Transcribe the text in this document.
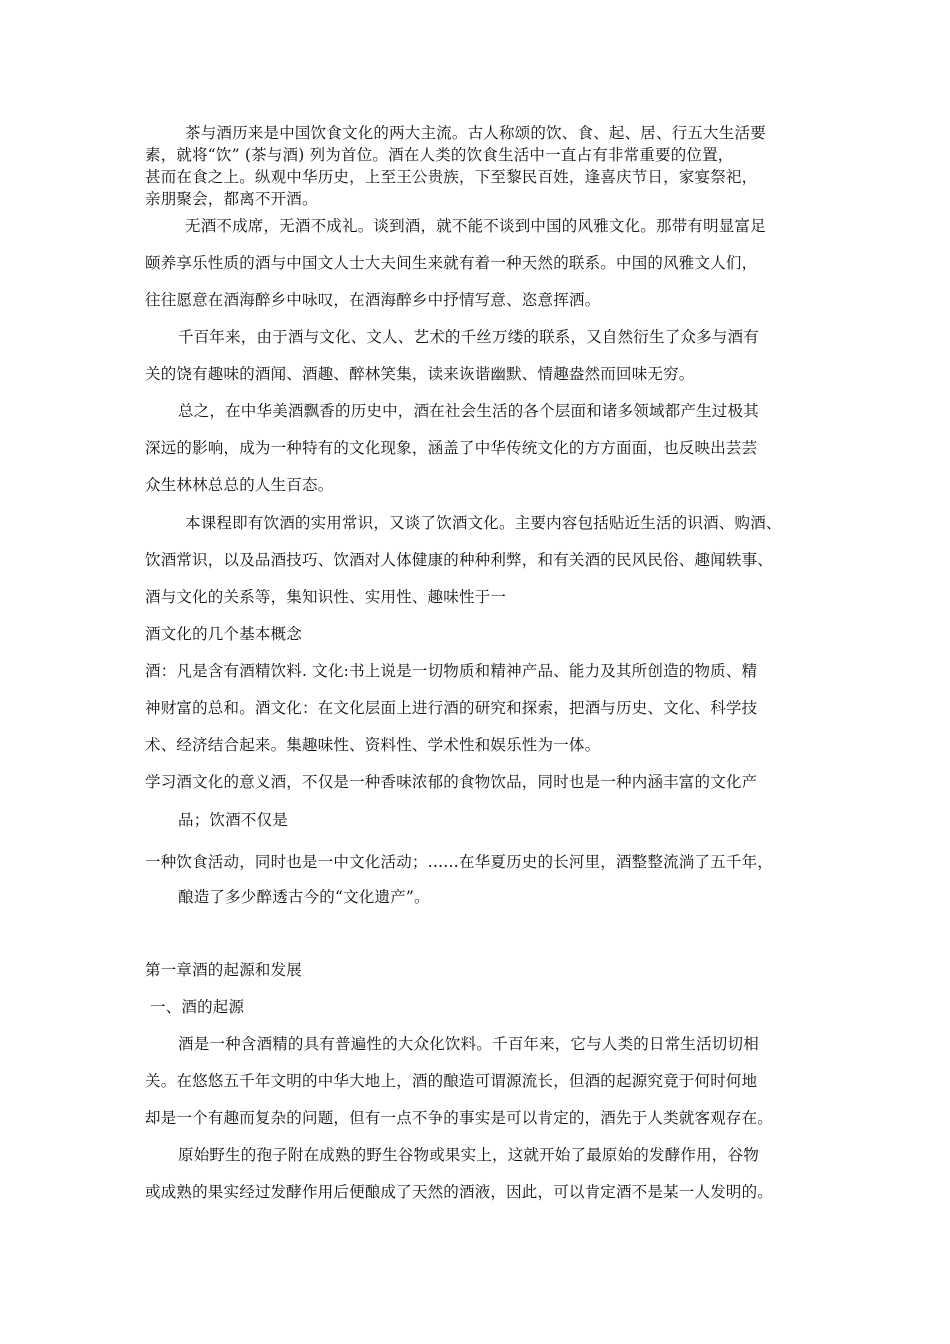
茶与酒历来是中国饮食文化的两大主流。古人称颂的饮、食、起、居、行五大生活要
素，就将“饮” (茶与酒) 列为首位。酒在人类的饮食生活中一直占有非常重要的位置，
甚而在食之上。纵观中华历史，上至王公贵族，下至黎民百姓，逢喜庆节日，家宴祭祀，
亲朋聚会，都离不开酒。
无酒不成席，无酒不成礼。谈到酒，就不能不谈到中国的风雅文化。那带有明显富足
颐养享乐性质的酒与中国文人士大夫间生来就有着一种天然的联系。中国的风雅文人们，
往往愿意在酒海醉乡中咏叹，在酒海醉乡中抒情写意、恣意挥洒。
千百年来，由于酒与文化、文人、艺术的千丝万缕的联系，又自然衍生了众多与酒有
关的饶有趣味的酒闻、酒趣、醉林笑集，读来诙谐幽默、情趣盎然而回味无穷。
总之，在中华美酒飘香的历史中，酒在社会生活的各个层面和诸多领域都产生过极其
深远的影响，成为一种特有的文化现象，涵盖了中华传统文化的方方面面，也反映出芸芸
众生林林总总的人生百态。
本课程即有饮酒的实用常识，又谈了饮酒文化。主要内容包括贴近生活的识酒、购酒、
饮酒常识，以及品酒技巧、饮酒对人体健康的种种利弊，和有关酒的民风民俗、趣闻轶事、
酒与文化的关系等，集知识性、实用性、趣味性于一
酒文化的几个基本概念
酒：凡是含有酒精饮料. 文化:书上说是一切物质和精神产品、能力及其所创造的物质、精
神财富的总和。酒文化：在文化层面上进行酒的研究和探索，把酒与历史、文化、科学技
术、经济结合起来。集趣味性、资料性、学术性和娱乐性为一体。
学习酒文化的意义酒，不仅是一种香味浓郁的食物饮品，同时也是一种内涵丰富的文化产
品；饮酒不仅是
一种饮食活动，同时也是一中文化活动；……在华夏历史的长河里，酒整整流淌了五千年，
酿造了多少醉透古今的“文化遗产”。
第一章酒的起源和发展
一、酒的起源
酒是一种含酒精的具有普遍性的大众化饮料。千百年来，它与人类的日常生活切切相
关。在悠悠五千年文明的中华大地上，酒的酿造可谓源流长，但酒的起源究竟于何时何地
却是一个有趣而复杂的问题，但有一点不争的事实是可以肯定的，酒先于人类就客观存在。
原始野生的孢子附在成熟的野生谷物或果实上，这就开始了最原始的发酵作用，谷物
或成熟的果实经过发酵作用后便酿成了天然的酒液，因此，可以肯定酒不是某一人发明的。
